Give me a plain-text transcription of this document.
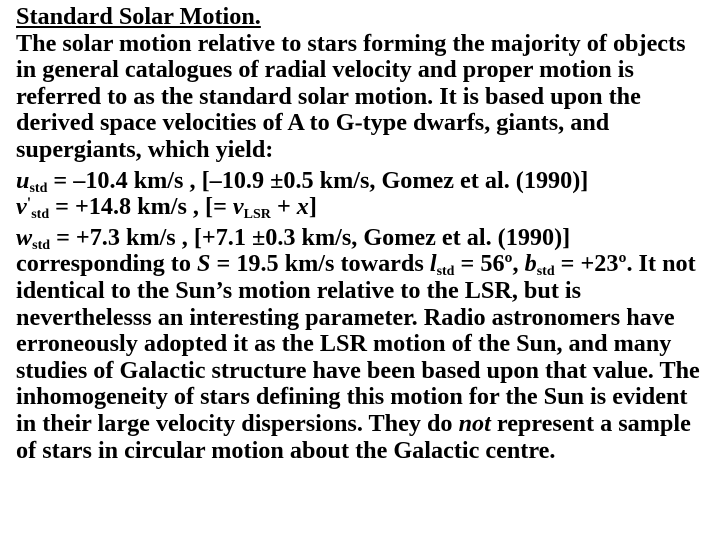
Standard Solar Motion.
The solar motion relative to stars forming the majority of objects in general catalogues of radial velocity and proper motion is referred to as the standard solar motion. It is based upon the derived space velocities of A to G-type dwarfs, giants, and supergiants, which yield:
$u_{std} = -10.4$ km/s , [–10.9 ±0.5 km/s, Gomez et al. (1990)]
$v'_{std} = +14.8$ km/s , [= vLSR + x]
$w_{std} = +7.3$ km/s , [+7.1 ±0.3 km/s, Gomez et al. (1990)]
corresponding to S = 19.5 km/s towards $l_{std}$ = 56º, $b_{std}$ = +23º. It not identical to the Sun’s motion relative to the LSR, but is neverthelesss an interesting parameter. Radio astronomers have erroneously adopted it as the LSR motion of the Sun, and many studies of Galactic structure have been based upon that value. The inhomogeneity of stars defining this motion for the Sun is evident in their large velocity dispersions. They do not represent a sample of stars in circular motion about the Galactic centre.
